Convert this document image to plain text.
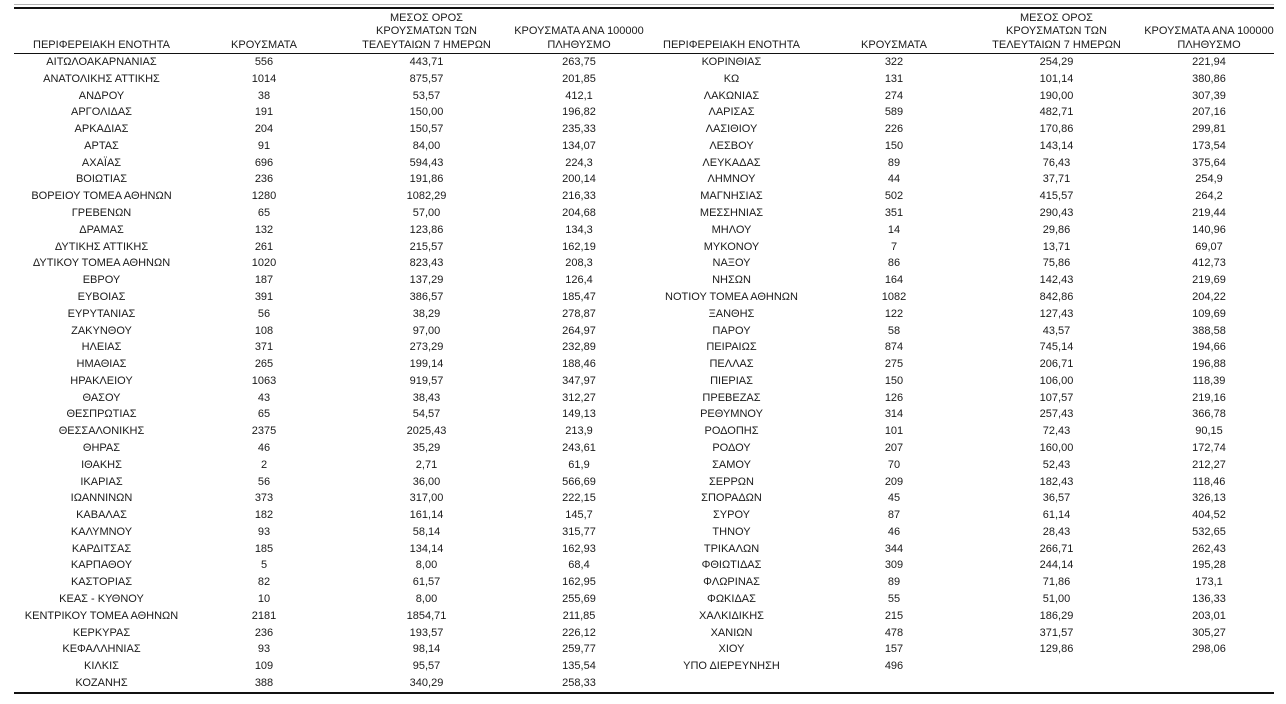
ΠΕΡΙΦΕΡΕΙΑΚΗ ΕΝΟΤΗΤΑ	ΚΡΟΥΣΜΑΤΑ
ΜΕΣΟΣ ΟΡΟΣ
ΚΡΟΥΣΜΑΤΩΝ ΤΩΝ
ΤΕΛΕΥΤΑΙΩΝ 7 ΗΜΕΡΩΝ
ΚΡΟΥΣΜΑΤΑ ΑΝΑ 100000
ΠΛΗΘΥΣΜΟ
ΑΙΤΩΛΟΑΚΑΡΝΑΝΙΑΣ	556	443,71	263,75
ΑΝΑΤΟΛΙΚΗΣ ΑΤΤΙΚΗΣ	1014	875,57	201,85
ΑΝΔΡΟΥ	38	53,57	412,1
ΑΡΓΟΛΙΔΑΣ	191	150,00	196,82
ΑΡΚΑΔΙΑΣ	204	150,57	235,33
ΑΡΤΑΣ	91	84,00	134,07
ΑΧΑΪΑΣ	696	594,43	224,3
ΒΟΙΩΤΙΑΣ	236	191,86	200,14
ΒΟΡΕΙΟΥ ΤΟΜΕΑ ΑΘΗΝΩΝ	1280	1082,29	216,33
ΓΡΕΒΕΝΩΝ	65	57,00	204,68
ΔΡΑΜΑΣ	132	123,86	134,3
ΔΥΤΙΚΗΣ ΑΤΤΙΚΗΣ	261	215,57	162,19
ΔΥΤΙΚΟΥ ΤΟΜΕΑ ΑΘΗΝΩΝ	1020	823,43	208,3
ΕΒΡΟΥ	187	137,29	126,4
ΕΥΒΟΙΑΣ	391	386,57	185,47
ΕΥΡΥΤΑΝΙΑΣ	56	38,29	278,87
ΖΑΚΥΝΘΟΥ	108	97,00	264,97
ΗΛΕΙΑΣ	371	273,29	232,89
ΗΜΑΘΙΑΣ	265	199,14	188,46
ΗΡΑΚΛΕΙΟΥ	1063	919,57	347,97
ΘΑΣΟΥ	43	38,43	312,27
ΘΕΣΠΡΩΤΙΑΣ	65	54,57	149,13
ΘΕΣΣΑΛΟΝΙΚΗΣ	2375	2025,43	213,9
ΘΗΡΑΣ	46	35,29	243,61
ΙΘΑΚΗΣ	2	2,71	61,9
ΙΚΑΡΙΑΣ	56	36,00	566,69
ΙΩΑΝΝΙΝΩΝ	373	317,00	222,15
ΚΑΒΑΛΑΣ	182	161,14	145,7
ΚΑΛΥΜΝΟΥ	93	58,14	315,77
ΚΑΡΔΙΤΣΑΣ	185	134,14	162,93
ΚΑΡΠΑΘΟΥ	5	8,00	68,4
ΚΑΣΤΟΡΙΑΣ	82	61,57	162,95
ΚΕΑΣ - ΚΥΘΝΟΥ	10	8,00	255,69
ΚΕΝΤΡΙΚΟΥ ΤΟΜΕΑ ΑΘΗΝΩΝ	2181	1854,71	211,85
ΚΕΡΚΥΡΑΣ	236	193,57	226,12
ΚΕΦΑΛΛΗΝΙΑΣ	93	98,14	259,77
ΚΙΛΚΙΣ	109	95,57	135,54
ΚΟΖΑΝΗΣ	388	340,29	258,33
ΠΕΡΙΦΕΡΕΙΑΚΗ ΕΝΟΤΗΤΑ	ΚΡΟΥΣΜΑΤΑ
ΜΕΣΟΣ ΟΡΟΣ
ΚΡΟΥΣΜΑΤΩΝ ΤΩΝ
ΤΕΛΕΥΤΑΙΩΝ 7 ΗΜΕΡΩΝ
ΚΡΟΥΣΜΑΤΑ ΑΝΑ 100000
ΠΛΗΘΥΣΜΟ
ΚΟΡΙΝΘΙΑΣ	322	254,29	221,94
ΚΩ	131	101,14	380,86
ΛΑΚΩΝΙΑΣ	274	190,00	307,39
ΛΑΡΙΣΑΣ	589	482,71	207,16
ΛΑΣΙΘΙΟΥ	226	170,86	299,81
ΛΕΣΒΟΥ	150	143,14	173,54
ΛΕΥΚΑΔΑΣ	89	76,43	375,64
ΛΗΜΝΟΥ	44	37,71	254,9
ΜΑΓΝΗΣΙΑΣ	502	415,57	264,2
ΜΕΣΣΗΝΙΑΣ	351	290,43	219,44
ΜΗΛΟΥ	14	29,86	140,96
ΜΥΚΟΝΟΥ	7	13,71	69,07
ΝΑΞΟΥ	86	75,86	412,73
ΝΗΣΩΝ	164	142,43	219,69
ΝΟΤΙΟΥ ΤΟΜΕΑ ΑΘΗΝΩΝ	1082	842,86	204,22
ΞΑΝΘΗΣ	122	127,43	109,69
ΠΑΡΟΥ	58	43,57	388,58
ΠΕΙΡΑΙΩΣ	874	745,14	194,66
ΠΕΛΛΑΣ	275	206,71	196,88
ΠΙΕΡΙΑΣ	150	106,00	118,39
ΠΡΕΒΕΖΑΣ	126	107,57	219,16
ΡΕΘΥΜΝΟΥ	314	257,43	366,78
ΡΟΔΟΠΗΣ	101	72,43	90,15
ΡΟΔΟΥ	207	160,00	172,74
ΣΑΜΟΥ	70	52,43	212,27
ΣΕΡΡΩΝ	209	182,43	118,46
ΣΠΟΡΑΔΩΝ	45	36,57	326,13
ΣΥΡΟΥ	87	61,14	404,52
ΤΗΝΟΥ	46	28,43	532,65
ΤΡΙΚΑΛΩΝ	344	266,71	262,43
ΦΘΙΩΤΙΔΑΣ	309	244,14	195,28
ΦΛΩΡΙΝΑΣ	89	71,86	173,1
ΦΩΚΙΔΑΣ	55	51,00	136,33
ΧΑΛΚΙΔΙΚΗΣ	215	186,29	203,01
ΧΑΝΙΩΝ	478	371,57	305,27
ΧΙΟΥ	157	129,86	298,06
ΥΠΟ ΔΙΕΡΕΥΝΗΣΗ	496
